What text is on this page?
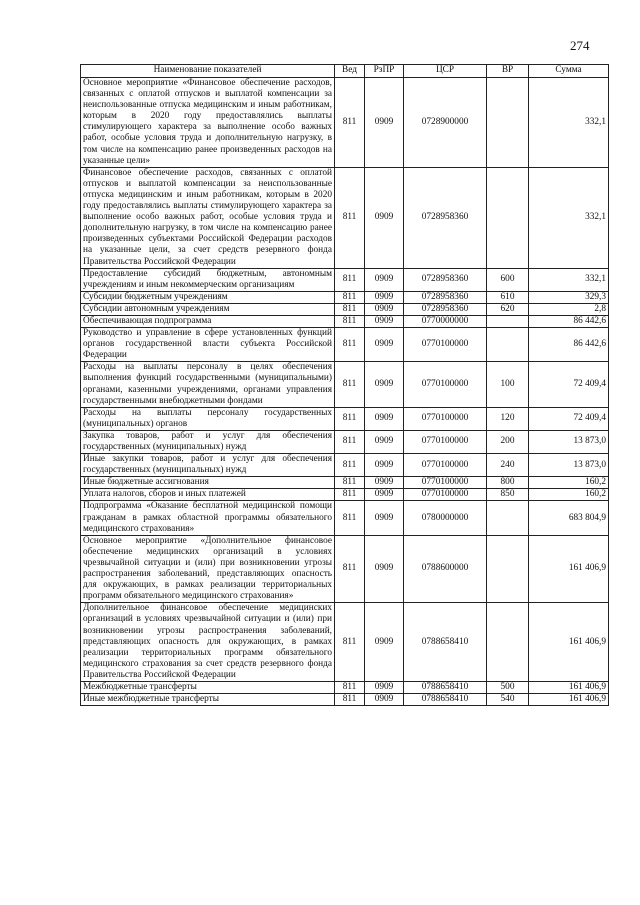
274
Наименование показателей	Вед	РзПР	ЦСР	ВР	Сумма
Основное мероприятие «Финансовое обеспечение расходов, связанных с оплатой отпусков и выплатой компенсации за неиспользованные отпуска медицинским и иным работникам, которым в 2020 году предоставлялись выплаты стимулирующего характера за выполнение особо важных работ, особые условия труда и дополнительную нагрузку, в том числе на компенсацию ранее произведенных расходов на указанные цели»	811	0909	0728900000		332,1
Финансовое обеспечение расходов, связанных с оплатой отпусков и выплатой компенсации за неиспользованные отпуска медицинским и иным работникам, которым в 2020 году предоставлялись выплаты стимулирующего характера за выполнение особо важных работ, особые условия труда и дополнительную нагрузку, в том числе на компенсацию ранее произведенных субъектами Российской Федерации расходов на указанные цели, за счет средств резервного фонда Правительства Российской Федерации	811	0909	0728958360		332,1
Предоставление субсидий бюджетным, автономным учреждениям и иным некоммерческим организациям	811	0909	0728958360	600	332,1
Субсидии бюджетным учреждениям	811	0909	0728958360	610	329,3
Субсидии автономным учреждениям	811	0909	0728958360	620	2,8
Обеспечивающая подпрограмма	811	0909	0770000000		86 442,6
Руководство и управление в сфере установленных функций органов государственной власти субъекта Российской Федерации	811	0909	0770100000		86 442,6
Расходы на выплаты персоналу в целях обеспечения выполнения функций государственными (муниципальными) органами, казенными учреждениями, органами управления государственными внебюджетными фондами	811	0909	0770100000	100	72 409,4
Расходы на выплаты персоналу государственных (муниципальных) органов	811	0909	0770100000	120	72 409,4
Закупка товаров, работ и услуг для обеспечения государственных (муниципальных) нужд	811	0909	0770100000	200	13 873,0
Иные закупки товаров, работ и услуг для обеспечения государственных (муниципальных) нужд	811	0909	0770100000	240	13 873,0
Иные бюджетные ассигнования	811	0909	0770100000	800	160,2
Уплата налогов, сборов и иных платежей	811	0909	0770100000	850	160,2
Подпрограмма «Оказание бесплатной медицинской помощи гражданам в рамках областной программы обязательного медицинского страхования»	811	0909	0780000000		683 804,9
Основное мероприятие «Дополнительное финансовое обеспечение медицинских организаций в условиях чрезвычайной ситуации и (или) при возникновении угрозы распространения заболеваний, представляющих опасность для окружающих, в рамках реализации территориальных программ обязательного медицинского страхования»	811	0909	0788600000		161 406,9
Дополнительное финансовое обеспечение медицинских организаций в условиях чрезвычайной ситуации и (или) при возникновении угрозы распространения заболеваний, представляющих опасность для окружающих, в рамках реализации территориальных программ обязательного медицинского страхования за счет средств резервного фонда Правительства Российской Федерации	811	0909	0788658410		161 406,9
Межбюджетные трансферты	811	0909	0788658410	500	161 406,9
Иные межбюджетные трансферты	811	0909	0788658410	540	161 406,9
